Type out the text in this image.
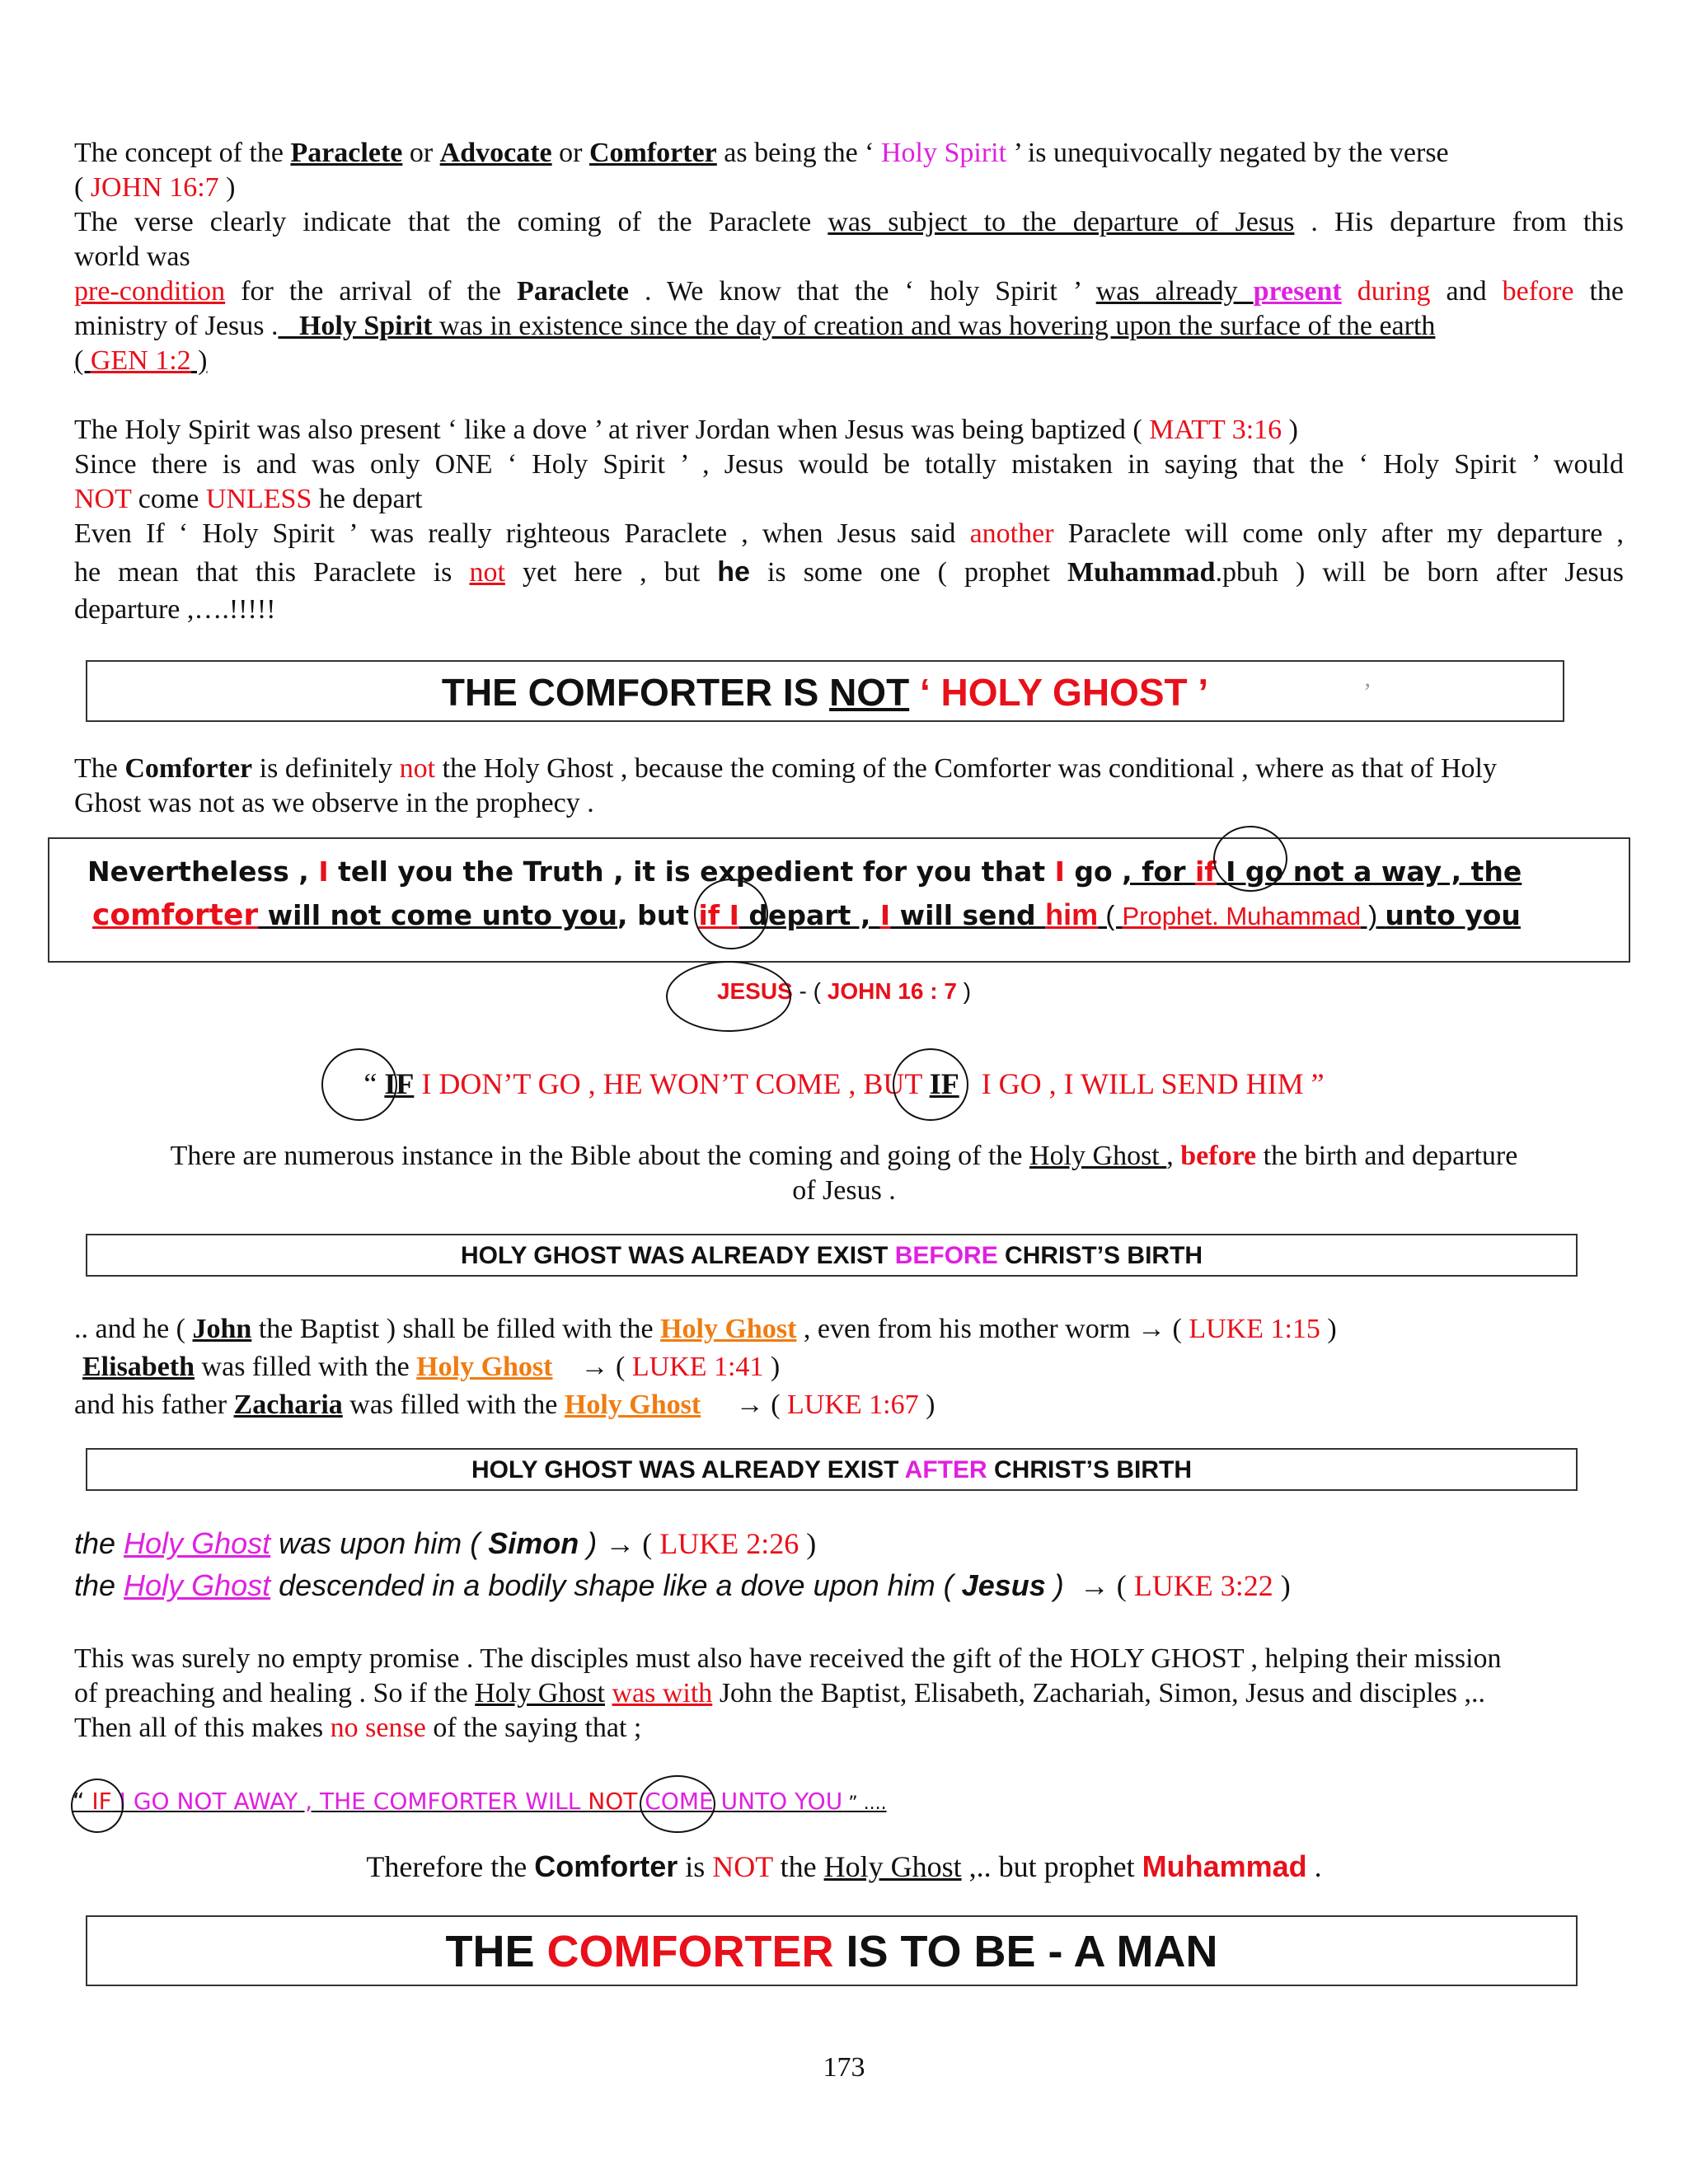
The concept of the Paraclete or Advocate or Comforter as being the ‘ Holy Spirit ’ is unequivocally negated by the verse
( JOHN 16:7 )
The verse clearly indicate that the coming of the Paraclete was subject to the departure of Jesus . His departure from this
world was
pre-condition for the arrival of the Paraclete . We know that the ‘ holy Spirit ’ was already present during and before the
ministry of Jesus . Holy Spirit was in existence since the day of creation and was hovering upon the surface of the earth
( GEN 1:2 )
The Holy Spirit was also present ‘ like a dove ’ at river Jordan when Jesus was being baptized ( MATT 3:16 )
Since there is and was only ONE ‘ Holy Spirit ’ , Jesus would be totally mistaken in saying that the ‘ Holy Spirit ’ would
NOT come UNLESS he depart
Even If ‘ Holy Spirit ’ was really righteous Paraclete , when Jesus said another Paraclete will come only after my departure ,
he mean that this Paraclete is not yet here , but he is some one ( prophet Muhammad.pbuh ) will be born after Jesus
departure ,….!!!!!
THE COMFORTER IS NOT ‘ HOLY GHOST ’	’
The Comforter is definitely not the Holy Ghost , because the coming of the Comforter was conditional , where as that of Holy
Ghost was not as we observe in the prophecy .
Nevertheless , I tell you the Truth , it is expedient for you that I go , for if I go not a way , the
comforter will not come unto you, but if I depart , I will send him ( Prophet. Muhammad ) unto you
JESUS - ( JOHN 16 : 7 )
“ IF I DON’T GO , HE WON’T COME , BUT IF   I GO , I WILL SEND HIM ”
There are numerous instance in the Bible about the coming and going of the Holy Ghost , before the birth and departure
of Jesus .
HOLY GHOST WAS ALREADY EXIST BEFORE CHRIST’S BIRTH
.. and he ( John the Baptist ) shall be filled with the Holy Ghost , even from his mother worm → ( LUKE 1:15 )
Elisabeth was filled with the Holy Ghost    → ( LUKE 1:41 )
and his father Zacharia was filled with the Holy Ghost     → ( LUKE 1:67 )
HOLY GHOST WAS ALREADY EXIST AFTER CHRIST’S BIRTH
the Holy Ghost was upon him ( Simon ) → ( LUKE 2:26 )
the Holy Ghost descended in a bodily shape like a dove upon him ( Jesus )  → ( LUKE 3:22 )
This was surely no empty promise . The disciples must also have received the gift of the HOLY GHOST , helping their mission
of preaching and healing . So if the Holy Ghost was with John the Baptist, Elisabeth, Zachariah, Simon, Jesus and disciples ,..
Then all of this makes no sense of the saying that ;
“ IF I GO NOT AWAY , THE COMFORTER WILL NOT COME UNTO YOU ” ....
Therefore the Comforter is NOT the Holy Ghost ,.. but prophet Muhammad .
THE COMFORTER IS TO BE - A MAN
173
